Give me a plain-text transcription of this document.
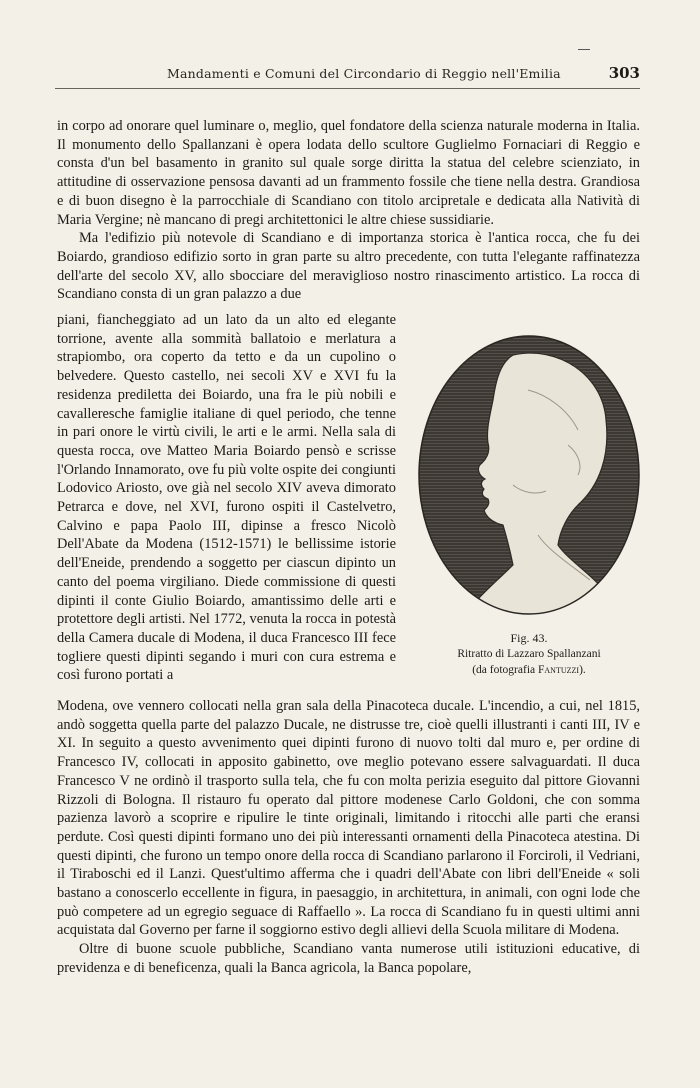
Mandamenti e Comuni del Circondario di Reggio nell'Emilia	303

in corpo ad onorare quel luminare o, meglio, quel fondatore della scienza naturale moderna in Italia. Il monumento dello Spallanzani è opera lodata dello scultore Guglielmo Fornaciari di Reggio e consta d'un bel basamento in granito sul quale sorge diritta la statua del celebre scienziato, in attitudine di osservazione pensosa davanti ad un frammento fossile che tiene nella destra. Grandiosa e di buon disegno è la parrocchiale di Scandiano con titolo arcipretale e dedicata alla Natività di Maria Vergine; nè mancano di pregi architettonici le altre chiese sussidiarie.

Ma l'edifizio più notevole di Scandiano e di importanza storica è l'antica rocca, che fu dei Boiardo, grandioso edifizio sorto in gran parte su altro precedente, con tutta l'elegante raffinatezza dell'arte del secolo XV, allo sbocciare del meraviglioso nostro rinascimento artistico. La rocca di Scandiano consta di un gran palazzo a due

piani, fiancheggiato ad un lato da un alto ed elegante torrione, avente alla sommità ballatoio e merlatura a strapiombo, ora coperto da tetto e da un cupolino o belvedere. Questo castello, nei secoli XV e XVI fu la residenza prediletta dei Boiardo, una fra le più nobili e cavalleresche famiglie italiane di quel periodo, che tenne in pari onore le virtù civili, le arti e le armi. Nella sala di questa rocca, ove Matteo Maria Boiardo pensò e scrisse l'Orlando Innamorato, ove fu più volte ospite dei congiunti Lodovico Ariosto, ove già nel secolo XIV aveva dimorato Petrarca e dove, nel XVI, furono ospiti il Castelvetro, Calvino e papa Paolo III, dipinse a fresco Nicolò Dell'Abate da Modena (1512-1571) le bellissime istorie dell'Eneide, prendendo a soggetto per ciascun dipinto un canto del poema virgiliano. Diede commissione di questi dipinti il conte Giulio Boiardo, amantissimo delle arti e protettore degli artisti. Nel 1772, venuta la rocca in potestà della Camera ducale di Modena, il duca Francesco III fece togliere questi dipinti segando i muri con cura estrema e così furono portati a

Fig. 43.
Ritratto di Lazzaro Spallanzani
(da fotografia Fantuzzi).

Modena, ove vennero collocati nella gran sala della Pinacoteca ducale. L'incendio, a cui, nel 1815, andò soggetta quella parte del palazzo Ducale, ne distrusse tre, cioè quelli illustranti i canti III, IV e XI. In seguito a questo avvenimento quei dipinti furono di nuovo tolti dal muro e, per ordine di Francesco IV, collocati in apposito gabinetto, ove meglio potevano essere salvaguardati. Il duca Francesco V ne ordinò il trasporto sulla tela, che fu con molta perizia eseguito dal pittore Giovanni Rizzoli di Bologna. Il ristauro fu operato dal pittore modenese Carlo Goldoni, che con somma pazienza lavorò a scoprire e ripulire le tinte originali, limitando i ritocchi alle parti che eransi perdute. Così questi dipinti formano uno dei più interessanti ornamenti della Pinacoteca atestina. Di questi dipinti, che furono un tempo onore della rocca di Scandiano parlarono il Forciroli, il Vedriani, il Tiraboschi ed il Lanzi. Quest'ultimo afferma che i quadri dell'Abate con libri dell'Eneide « soli bastano a conoscerlo eccellente in figura, in paesaggio, in architettura, in animali, con ogni lode che può competere ad un egregio seguace di Raffaello ». La rocca di Scandiano fu in questi ultimi anni acquistata dal Governo per farne il soggiorno estivo degli allievi della Scuola militare di Modena.

Oltre di buone scuole pubbliche, Scandiano vanta numerose utili istituzioni educative, di previdenza e di beneficenza, quali la Banca agricola, la Banca popolare,
